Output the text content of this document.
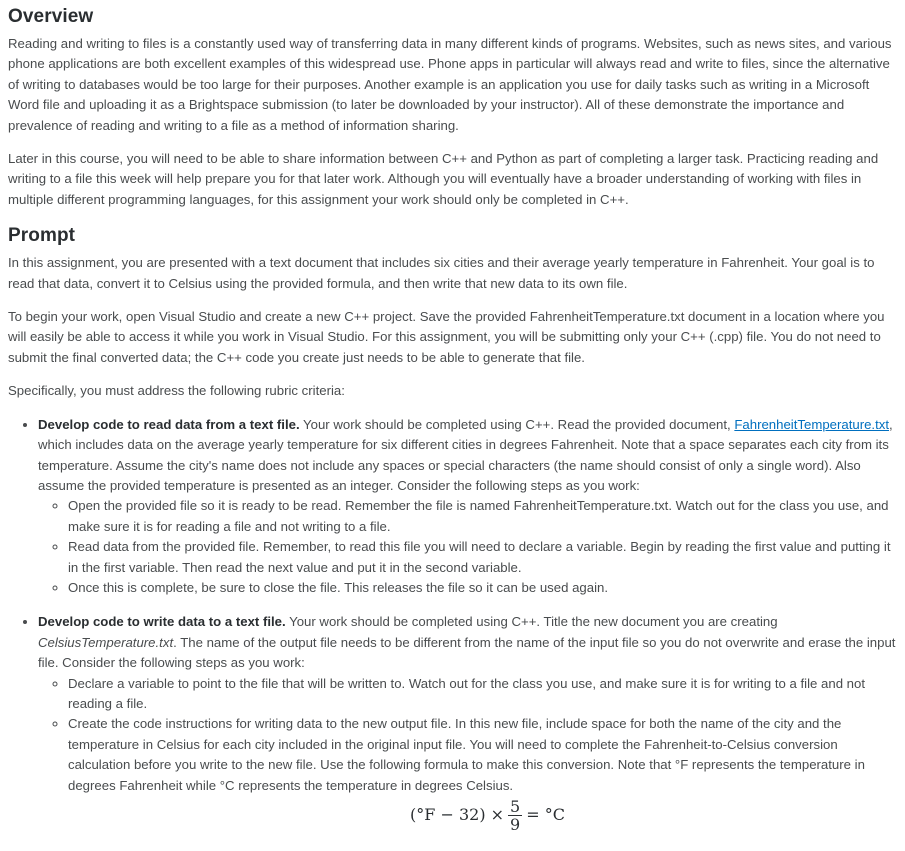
Overview

Reading and writing to files is a constantly used way of transferring data in many different kinds of programs. Websites, such as news sites, and various phone applications are both excellent examples of this widespread use. Phone apps in particular will always read and write to files, since the alternative of writing to databases would be too large for their purposes. Another example is an application you use for daily tasks such as writing in a Microsoft Word file and uploading it as a Brightspace submission (to later be downloaded by your instructor). All of these demonstrate the importance and prevalence of reading and writing to a file as a method of information sharing.

Later in this course, you will need to be able to share information between C++ and Python as part of completing a larger task. Practicing reading and writing to a file this week will help prepare you for that later work. Although you will eventually have a broader understanding of working with files in multiple different programming languages, for this assignment your work should only be completed in C++.

Prompt

In this assignment, you are presented with a text document that includes six cities and their average yearly temperature in Fahrenheit. Your goal is to read that data, convert it to Celsius using the provided formula, and then write that new data to its own file.

To begin your work, open Visual Studio and create a new C++ project. Save the provided FahrenheitTemperature.txt document in a location where you will easily be able to access it while you work in Visual Studio. For this assignment, you will be submitting only your C++ (.cpp) file. You do not need to submit the final converted data; the C++ code you create just needs to be able to generate that file.

Specifically, you must address the following rubric criteria:

• Develop code to read data from a text file. Your work should be completed using C++. Read the provided document, FahrenheitTemperature.txt, which includes data on the average yearly temperature for six different cities in degrees Fahrenheit. Note that a space separates each city from its temperature. Assume the city's name does not include any spaces or special characters (the name should consist of only a single word). Also assume the provided temperature is presented as an integer. Consider the following steps as you work:
◦ Open the provided file so it is ready to be read. Remember the file is named FahrenheitTemperature.txt. Watch out for the class you use, and make sure it is for reading a file and not writing to a file.
◦ Read data from the provided file. Remember, to read this file you will need to declare a variable. Begin by reading the first value and putting it in the first variable. Then read the next value and put it in the second variable.
◦ Once this is complete, be sure to close the file. This releases the file so it can be used again.
• Develop code to write data to a text file. Your work should be completed using C++. Title the new document you are creating CelsiusTemperature.txt. The name of the output file needs to be different from the name of the input file so you do not overwrite and erase the input file. Consider the following steps as you work:
◦ Declare a variable to point to the file that will be written to. Watch out for the class you use, and make sure it is for writing to a file and not reading a file.
◦ Create the code instructions for writing data to the new output file. In this new file, include space for both the name of the city and the temperature in Celsius for each city included in the original input file. You will need to complete the Fahrenheit-to-Celsius conversion calculation before you write to the new file. Use the following formula to make this conversion. Note that °F represents the temperature in degrees Fahrenheit while °C represents the temperature in degrees Celsius.
$(^\circ F - 32) \times \frac{5}{9} = ^\circ C$
